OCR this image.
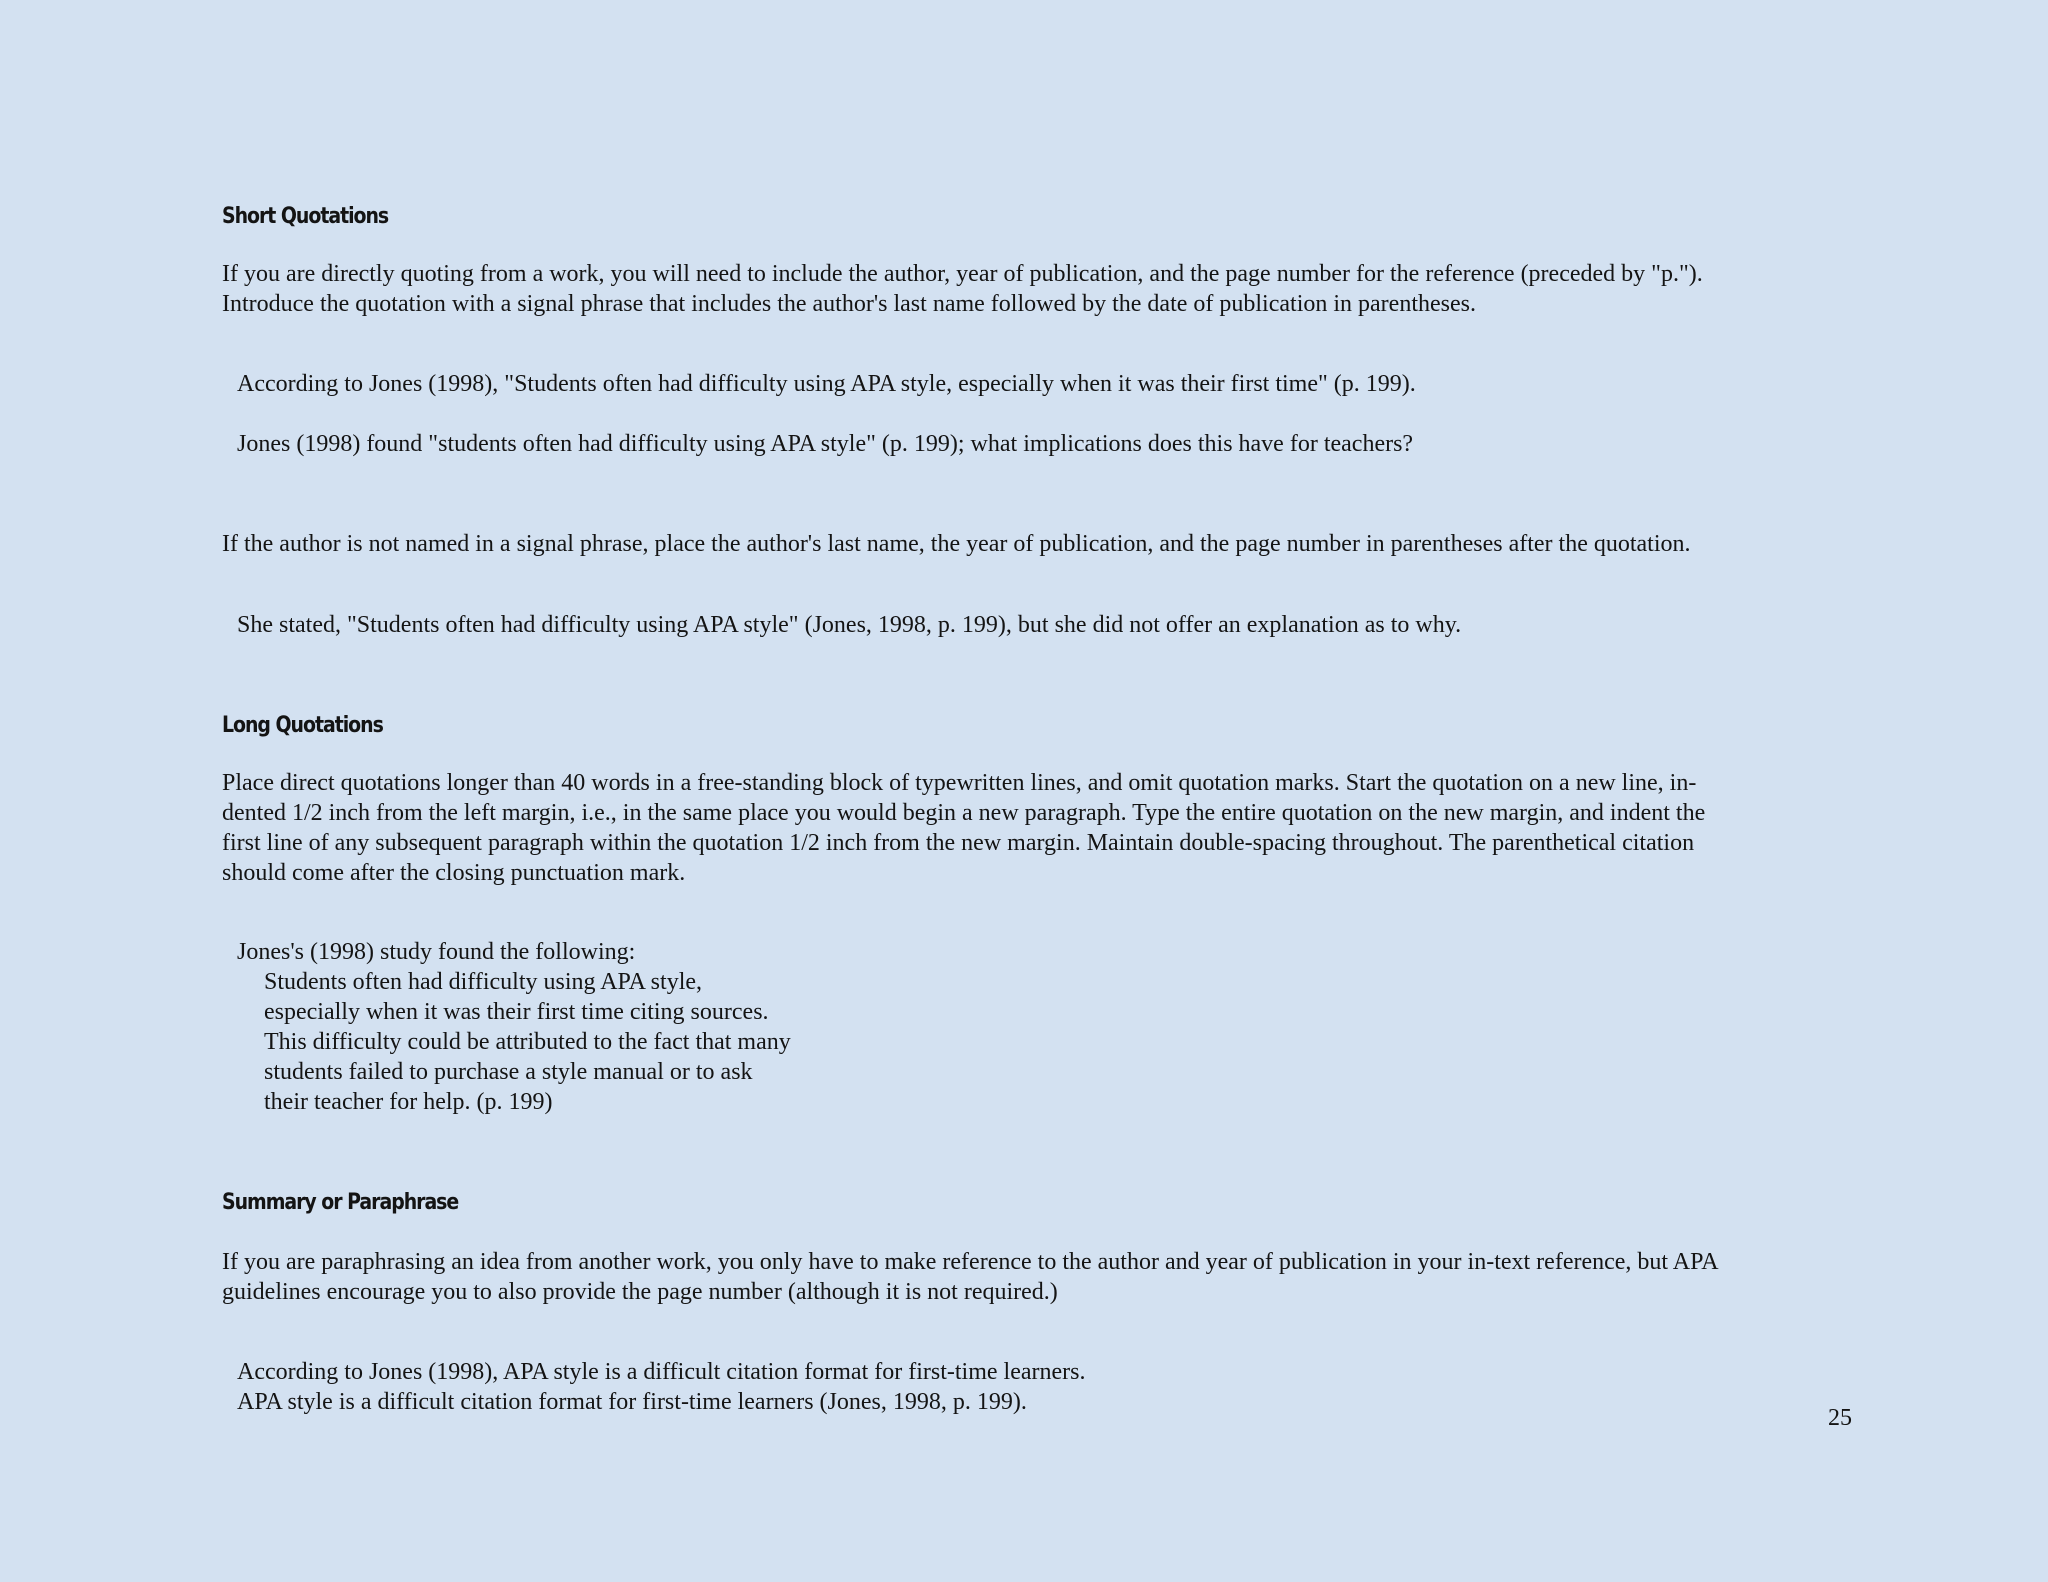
Short Quotations

If you are directly quoting from a work, you will need to include the author, year of publication, and the page number for the reference (preceded by "p.").
Introduce the quotation with a signal phrase that includes the author's last name followed by the date of publication in parentheses.

According to Jones (1998), "Students often had difficulty using APA style, especially when it was their first time" (p. 199).

Jones (1998) found "students often had difficulty using APA style" (p. 199); what implications does this have for teachers?

If the author is not named in a signal phrase, place the author's last name, the year of publication, and the page number in parentheses after the quotation.

She stated, "Students often had difficulty using APA style" (Jones, 1998, p. 199), but she did not offer an explanation as to why.

Long Quotations

Place direct quotations longer than 40 words in a free-standing block of typewritten lines, and omit quotation marks. Start the quotation on a new line, in-
dented 1/2 inch from the left margin, i.e., in the same place you would begin a new paragraph. Type the entire quotation on the new margin, and indent the
first line of any subsequent paragraph within the quotation 1/2 inch from the new margin. Maintain double-spacing throughout. The parenthetical citation
should come after the closing punctuation mark.

Jones's (1998) study found the following:
Students often had difficulty using APA style,
especially when it was their first time citing sources.
This difficulty could be attributed to the fact that many
students failed to purchase a style manual or to ask
their teacher for help. (p. 199)
Summary or Paraphrase

If you are paraphrasing an idea from another work, you only have to make reference to the author and year of publication in your in-text reference, but APA
guidelines encourage you to also provide the page number (although it is not required.)

According to Jones (1998), APA style is a difficult citation format for first-time learners.
APA style is a difficult citation format for first-time learners (Jones, 1998, p. 199).
25
